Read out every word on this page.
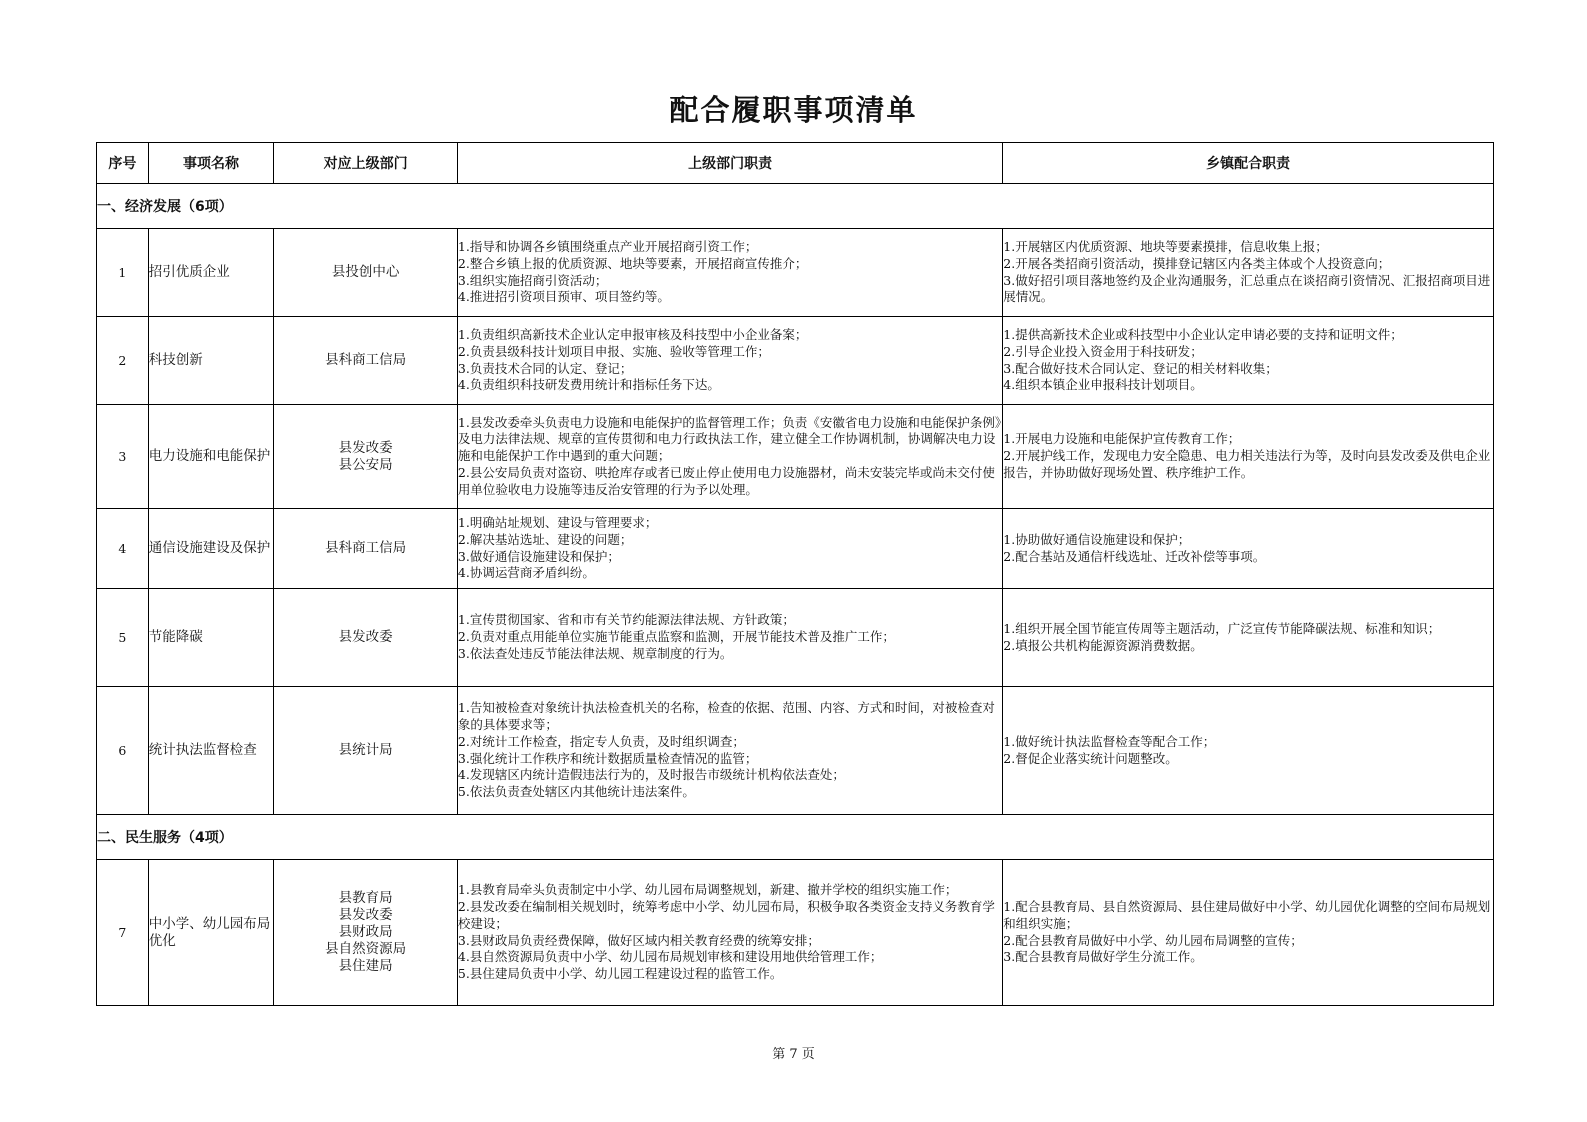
配合履职事项清单
序号	事项名称	对应上级部门	上级部门职责	乡镇配合职责
一、经济发展（6项）				
1	招引优质企业	县投创中心	1.指导和协调各乡镇围绕重点产业开展招商引资工作；
2.整合乡镇上报的优质资源、地块等要素，开展招商宣传推介；
3.组织实施招商引资活动；
4.推进招引资项目预审、项目签约等。	1.开展辖区内优质资源、地块等要素摸排，信息收集上报；
2.开展各类招商引资活动，摸排登记辖区内各类主体或个人投资意向；
3.做好招引项目落地签约及企业沟通服务，汇总重点在谈招商引资情况、汇报招商项目进展情况。

2	科技创新	县科商工信局	1.负责组织高新技术企业认定申报审核及科技型中小企业备案；
2.负责县级科技计划项目申报、实施、验收等管理工作；
3.负责技术合同的认定、登记；
4.负责组织科技研发费用统计和指标任务下达。	1.提供高新技术企业或科技型中小企业认定申请必要的支持和证明文件；
2.引导企业投入资金用于科技研发；
3.配合做好技术合同认定、登记的相关材料收集；
4.组织本镇企业申报科技计划项目。

3	电力设施和电能保护	县发改委
县公安局	1.县发改委牵头负责电力设施和电能保护的监督管理工作；负责《安徽省电力设施和电能保护条例》及电力法律法规、规章的宣传贯彻和电力行政执法工作，建立健全工作协调机制，协调解决电力设施和电能保护工作中遇到的重大问题；
2.县公安局负责对盗窃、哄抢库存或者已废止停止使用电力设施器材，尚未安装完毕或尚未交付使用单位验收电力设施等违反治安管理的行为予以处理。	1.开展电力设施和电能保护宣传教育工作；
2.开展护线工作，发现电力安全隐患、电力相关违法行为等，及时向县发改委及供电企业报告，并协助做好现场处置、秩序维护工作。

4	通信设施建设及保护	县科商工信局	1.明确站址规划、建设与管理要求；
2.解决基站选址、建设的问题；
3.做好通信设施建设和保护；
4.协调运营商矛盾纠纷。	1.协助做好通信设施建设和保护；
2.配合基站及通信杆线选址、迁改补偿等事项。

5	节能降碳	县发改委	1.宣传贯彻国家、省和市有关节约能源法律法规、方针政策；
2.负责对重点用能单位实施节能重点监察和监测，开展节能技术普及推广工作；
3.依法查处违反节能法律法规、规章制度的行为。	1.组织开展全国节能宣传周等主题活动，广泛宣传节能降碳法规、标准和知识；
2.填报公共机构能源资源消费数据。

6	统计执法监督检查	县统计局	1.告知被检查对象统计执法检查机关的名称，检查的依据、范围、内容、方式和时间，对被检查对象的具体要求等；
2.对统计工作检查，指定专人负责，及时组织调查；
3.强化统计工作秩序和统计数据质量检查情况的监管；
4.发现辖区内统计造假违法行为的，及时报告市级统计机构依法查处；
5.依法负责查处辖区内其他统计违法案件。	1.做好统计执法监督检查等配合工作；
2.督促企业落实统计问题整改。

二、民生服务（4项）				
7	中小学、幼儿园布局优化	县教育局
县发改委
县财政局
县自然资源局
县住建局	1.县教育局牵头负责制定中小学、幼儿园布局调整规划，新建、撤并学校的组织实施工作；
2.县发改委在编制相关规划时，统筹考虑中小学、幼儿园布局，积极争取各类资金支持义务教育学校建设；
3.县财政局负责经费保障，做好区域内相关教育经费的统筹安排；
4.县自然资源局负责中小学、幼儿园布局规划审核和建设用地供给管理工作；
5.县住建局负责中小学、幼儿园工程建设过程的监管工作。	1.配合县教育局、县自然资源局、县住建局做好中小学、幼儿园优化调整的空间布局规划和组织实施；
2.配合县教育局做好中小学、幼儿园布局调整的宣传；
3.配合县教育局做好学生分流工作。
第 7 页
